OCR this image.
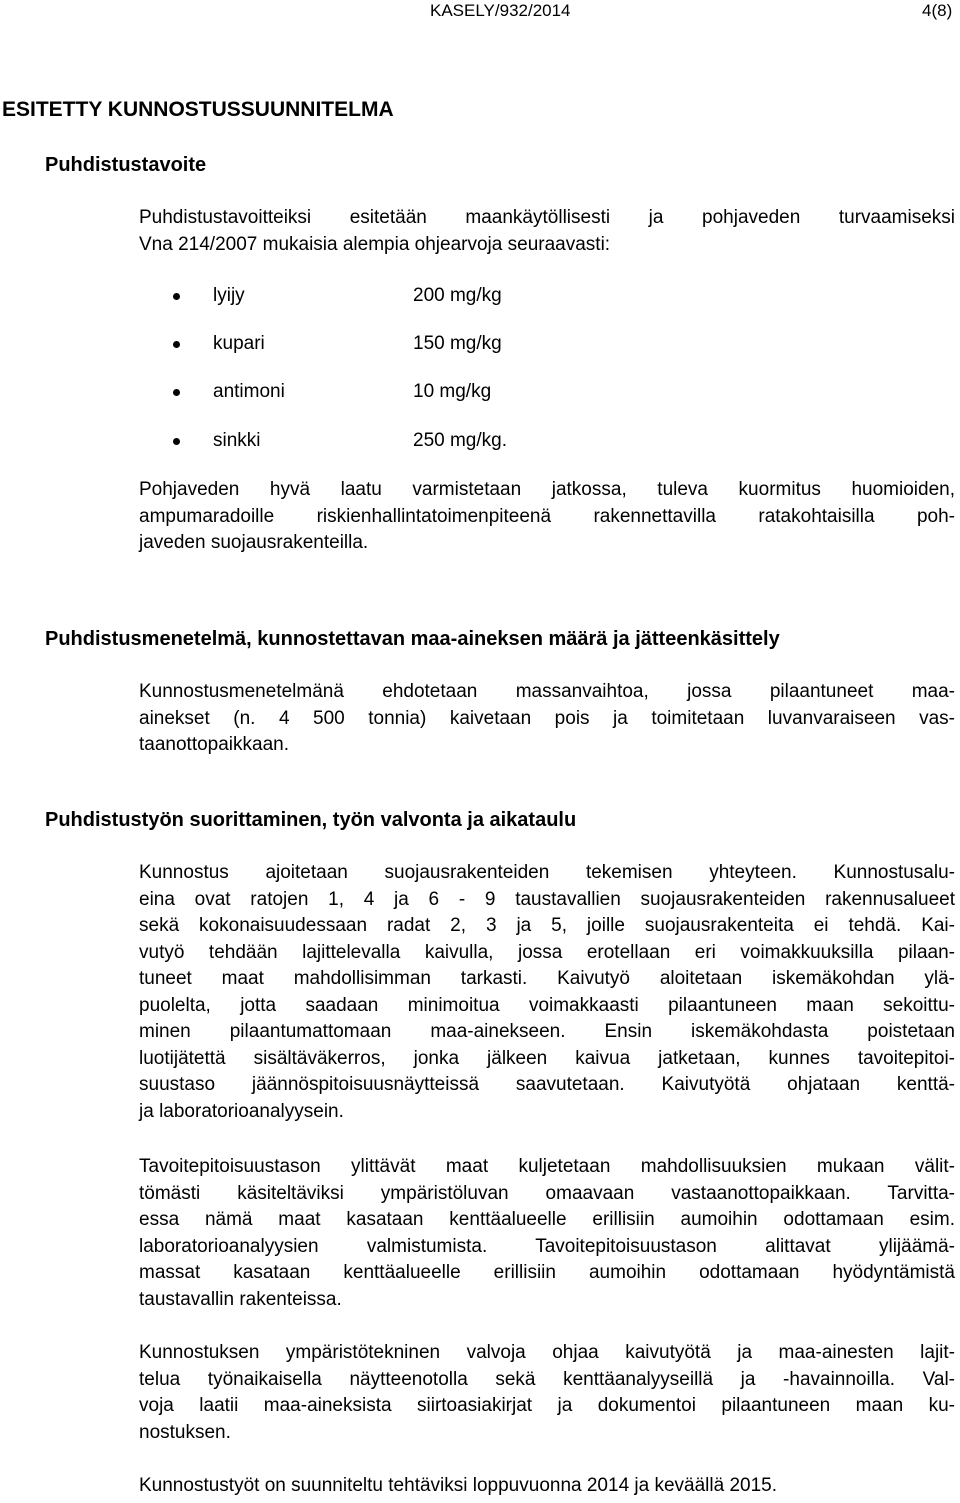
KASELY/932/2014	4(8)
ESITETTY KUNNOSTUSSUUNNITELMA
Puhdistustavoite
Puhdistustavoitteiksi esitetään maankäytöllisesti ja pohjaveden turvaamiseksi
Vna 214/2007 mukaisia alempia ohjearvoja seuraavasti:
lyijy	200 mg/kg
kupari	150 mg/kg
antimoni	10 mg/kg
sinkki	250 mg/kg.
Pohjaveden hyvä laatu varmistetaan jatkossa, tuleva kuormitus huomioiden,
ampumaradoille riskienhallintatoimenpiteenä rakennettavilla ratakohtaisilla poh-
javeden suojausrakenteilla.
Puhdistusmenetelmä, kunnostettavan maa-aineksen määrä ja jätteenkäsittely
Kunnostusmenetelmänä ehdotetaan massanvaihtoa, jossa pilaantuneet maa-
ainekset (n. 4 500 tonnia) kaivetaan pois ja toimitetaan luvanvaraiseen vas-
taanottopaikkaan.
Puhdistustyön suorittaminen, työn valvonta ja aikataulu
Kunnostus ajoitetaan suojausrakenteiden tekemisen yhteyteen. Kunnostusalu-
eina ovat ratojen 1, 4 ja 6 - 9 taustavallien suojausrakenteiden rakennusalueet
sekä kokonaisuudessaan radat 2, 3 ja 5, joille suojausrakenteita ei tehdä. Kai-
vutyö tehdään lajittelevalla kaivulla, jossa erotellaan eri voimakkuuksilla pilaan-
tuneet maat mahdollisimman tarkasti. Kaivutyö aloitetaan iskemäkohdan ylä-
puolelta, jotta saadaan minimoitua voimakkaasti pilaantuneen maan sekoittu-
minen pilaantumattomaan maa-ainekseen. Ensin iskemäkohdasta poistetaan
luotijätettä sisältäväkerros, jonka jälkeen kaivua jatketaan, kunnes tavoitepitoi-
suustaso jäännöspitoisuusnäytteissä saavutetaan. Kaivutyötä ohjataan kenttä-
ja laboratorioanalyysein.
Tavoitepitoisuustason ylittävät maat kuljetetaan mahdollisuuksien mukaan välit-
tömästi käsiteltäviksi ympäristöluvan omaavaan vastaanottopaikkaan. Tarvitta-
essa nämä maat kasataan kenttäalueelle erillisiin aumoihin odottamaan esim.
laboratorioanalyysien valmistumista. Tavoitepitoisuustason alittavat ylijäämä-
massat kasataan kenttäalueelle erillisiin aumoihin odottamaan hyödyntämistä
taustavallin rakenteissa.
Kunnostuksen ympäristötekninen valvoja ohjaa kaivutyötä ja maa-ainesten lajit-
telua työnaikaisella näytteenotolla sekä kenttäanalyyseillä ja -havainnoilla. Val-
voja laatii maa-aineksista siirtoasiakirjat ja dokumentoi pilaantuneen maan ku-
nostuksen.
Kunnostustyöt on suunniteltu tehtäviksi loppuvuonna 2014 ja keväällä 2015.
